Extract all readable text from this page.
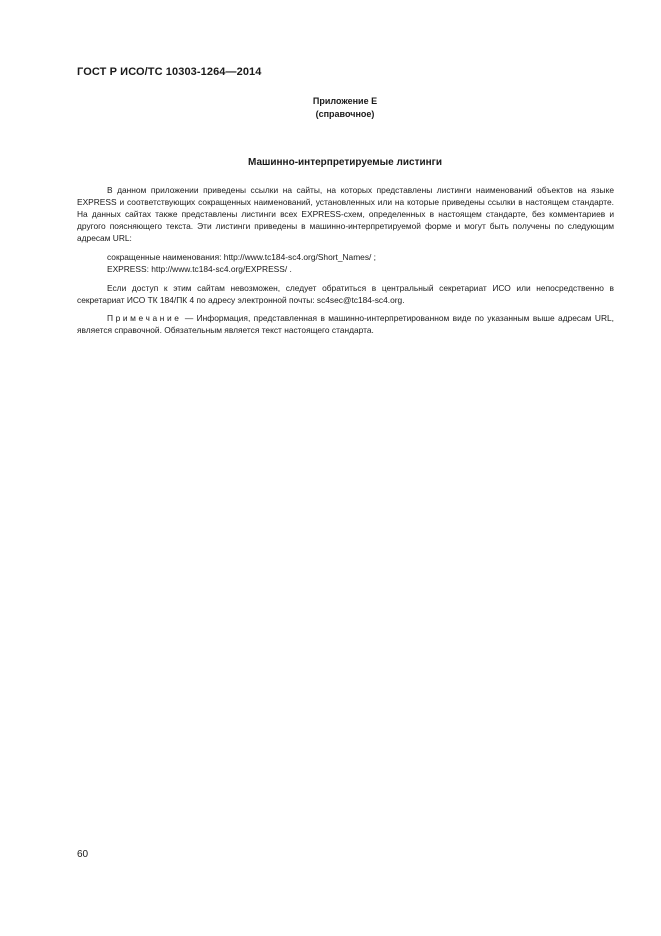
ГОСТ Р ИСО/ТС 10303-1264—2014
Приложение Е
(справочное)
Машинно-интерпретируемые листинги

В данном приложении приведены ссылки на сайты, на которых представлены листинги наименований объектов на языке EXPRESS и соответствующих сокращенных наименований, установленных или на которые приведены ссылки в настоящем стандарте. На данных сайтах также представлены листинги всех EXPRESS-схем, определенных в настоящем стандарте, без комментариев и другого поясняющего текста. Эти листинги приведены в машинно-интерпретируемой форме и могут быть получены по следующим адресам URL:

сокращенные наименования: http://www.tc184-sc4.org/Short_Names/ ;
EXPRESS: http://www.tc184-sc4.org/EXPRESS/ .

Если доступ к этим сайтам невозможен, следует обратиться в центральный секретариат ИСО или непосредственно в секретариат ИСО ТК 184/ПК 4 по адресу электронной почты: sc4sec@tc184-sc4.org.

Примечание — Информация, представленная в машинно-интерпретированном виде по указанным выше адресам URL, является справочной. Обязательным является текст настоящего стандарта.

60
